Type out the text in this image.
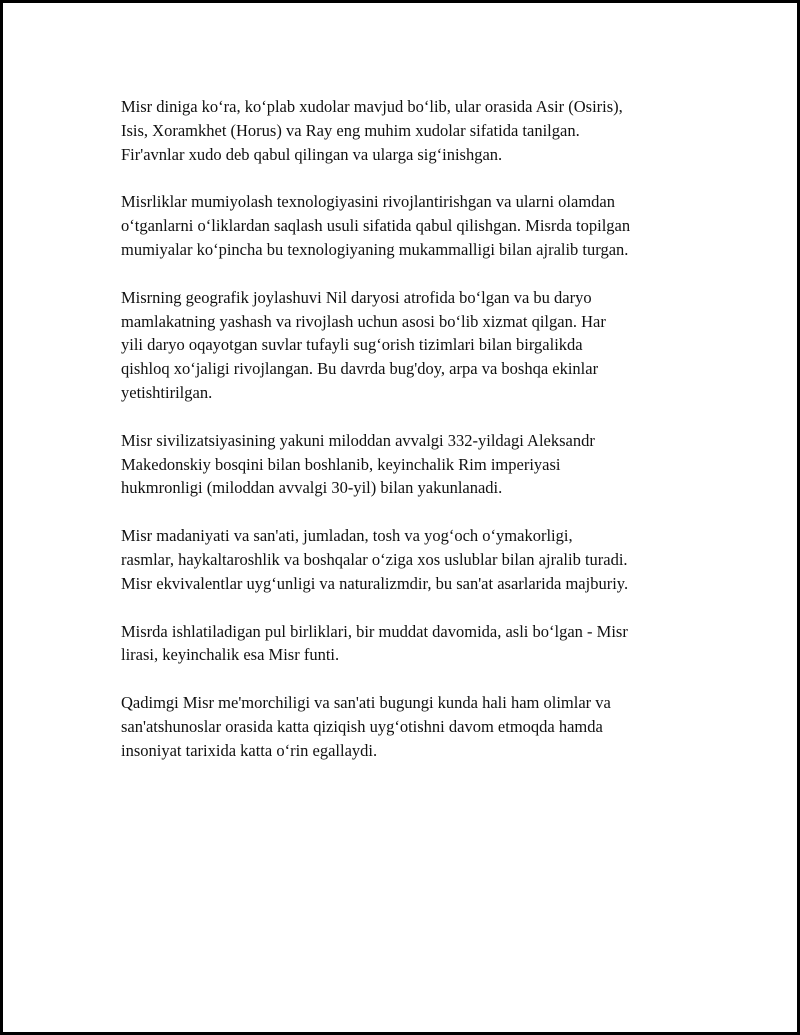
Misr diniga ko‘ra, ko‘plab xudolar mavjud bo‘lib, ular orasida Asir (Osiris),
Isis, Xoramkhet (Horus) va Ray eng muhim xudolar sifatida tanilgan.
Fir'avnlar xudo deb qabul qilingan va ularga sig‘inishgan.

Misrliklar mumiyolash texnologiyasini rivojlantirishgan va ularni olamdan
o‘tganlarni o‘liklardan saqlash usuli sifatida qabul qilishgan. Misrda topilgan
mumiyalar ko‘pincha bu texnologiyaning mukammalligi bilan ajralib turgan.

Misrning geografik joylashuvi Nil daryosi atrofida bo‘lgan va bu daryo
mamlakatning yashash va rivojlash uchun asosi bo‘lib xizmat qilgan. Har
yili daryo oqayotgan suvlar tufayli sug‘orish tizimlari bilan birgalikda
qishloq xo‘jaligi rivojlangan. Bu davrda bug'doy, arpa va boshqa ekinlar
yetishtirilgan.

Misr sivilizatsiyasining yakuni miloddan avvalgi 332-yildagi Aleksandr
Makedonskiy bosqini bilan boshlanib, keyinchalik Rim imperiyasi
hukmronligi (miloddan avvalgi 30-yil) bilan yakunlanadi.

Misr madaniyati va san'ati, jumladan, tosh va yog‘och o‘ymakorligi,
rasmlar, haykaltaroshlik va boshqalar o‘ziga xos uslublar bilan ajralib turadi.
Misr ekvivalentlar uyg‘unligi va naturalizmdir, bu san'at asarlarida majburiy.

Misrda ishlatiladigan pul birliklari, bir muddat davomida, asli bo‘lgan - Misr
lirasi, keyinchalik esa Misr funti.

Qadimgi Misr me'morchiligi va san'ati bugungi kunda hali ham olimlar va
san'atshunoslar orasida katta qiziqish uyg‘otishni davom etmoqda hamda
insoniyat tarixida katta o‘rin egallaydi.
